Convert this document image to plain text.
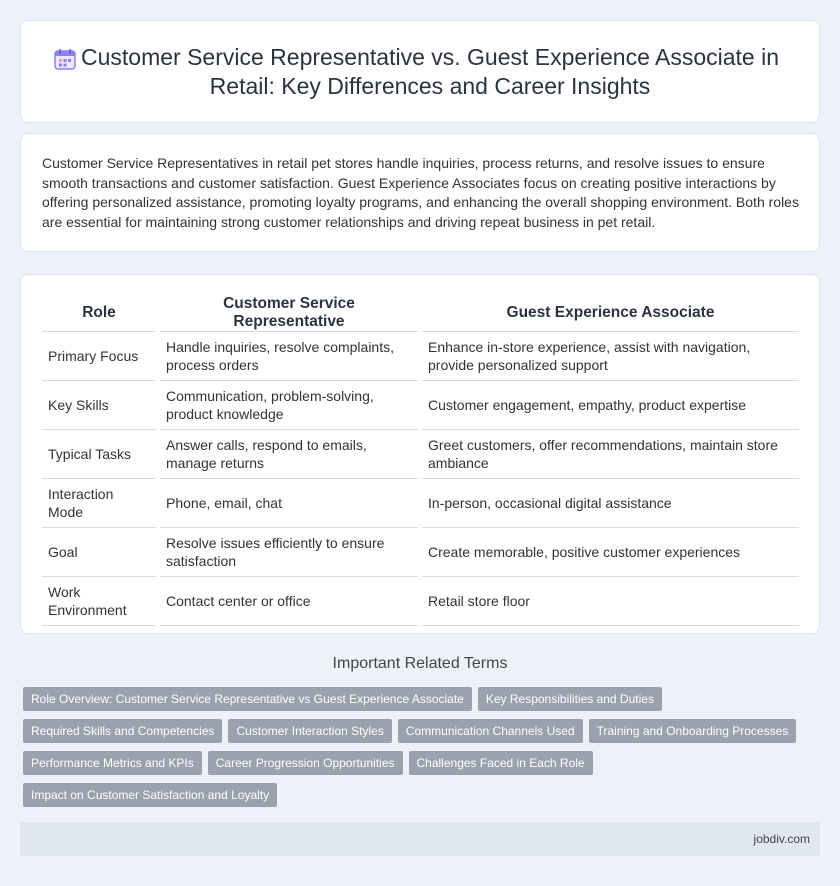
Customer Service Representative vs. Guest Experience Associate in Retail: Key Differences and Career Insights

Customer Service Representatives in retail pet stores handle inquiries, process returns, and resolve issues to ensure smooth transactions and customer satisfaction. Guest Experience Associates focus on creating positive interactions by offering personalized assistance, promoting loyalty programs, and enhancing the overall shopping environment. Both roles are essential for maintaining strong customer relationships and driving repeat business in pet retail.

Role	Customer Service Representative	Guest Experience Associate
Primary Focus	Handle inquiries, resolve complaints, process orders	Enhance in-store experience, assist with navigation, provide personalized support
Key Skills	Communication, problem-solving, product knowledge	Customer engagement, empathy, product expertise
Typical Tasks	Answer calls, respond to emails, manage returns	Greet customers, offer recommendations, maintain store ambiance
Interaction Mode	Phone, email, chat	In-person, occasional digital assistance
Goal	Resolve issues efficiently to ensure satisfaction	Create memorable, positive customer experiences
Work Environment	Contact center or office	Retail store floor
Important Related Terms
Role Overview: Customer Service Representative vs Guest Experience Associate	Key Responsibilities and Duties
Required Skills and Competencies	Customer Interaction Styles	Communication Channels Used	Training and Onboarding Processes
Performance Metrics and KPIs	Career Progression Opportunities	Challenges Faced in Each Role
Impact on Customer Satisfaction and Loyalty
jobdiv.com
